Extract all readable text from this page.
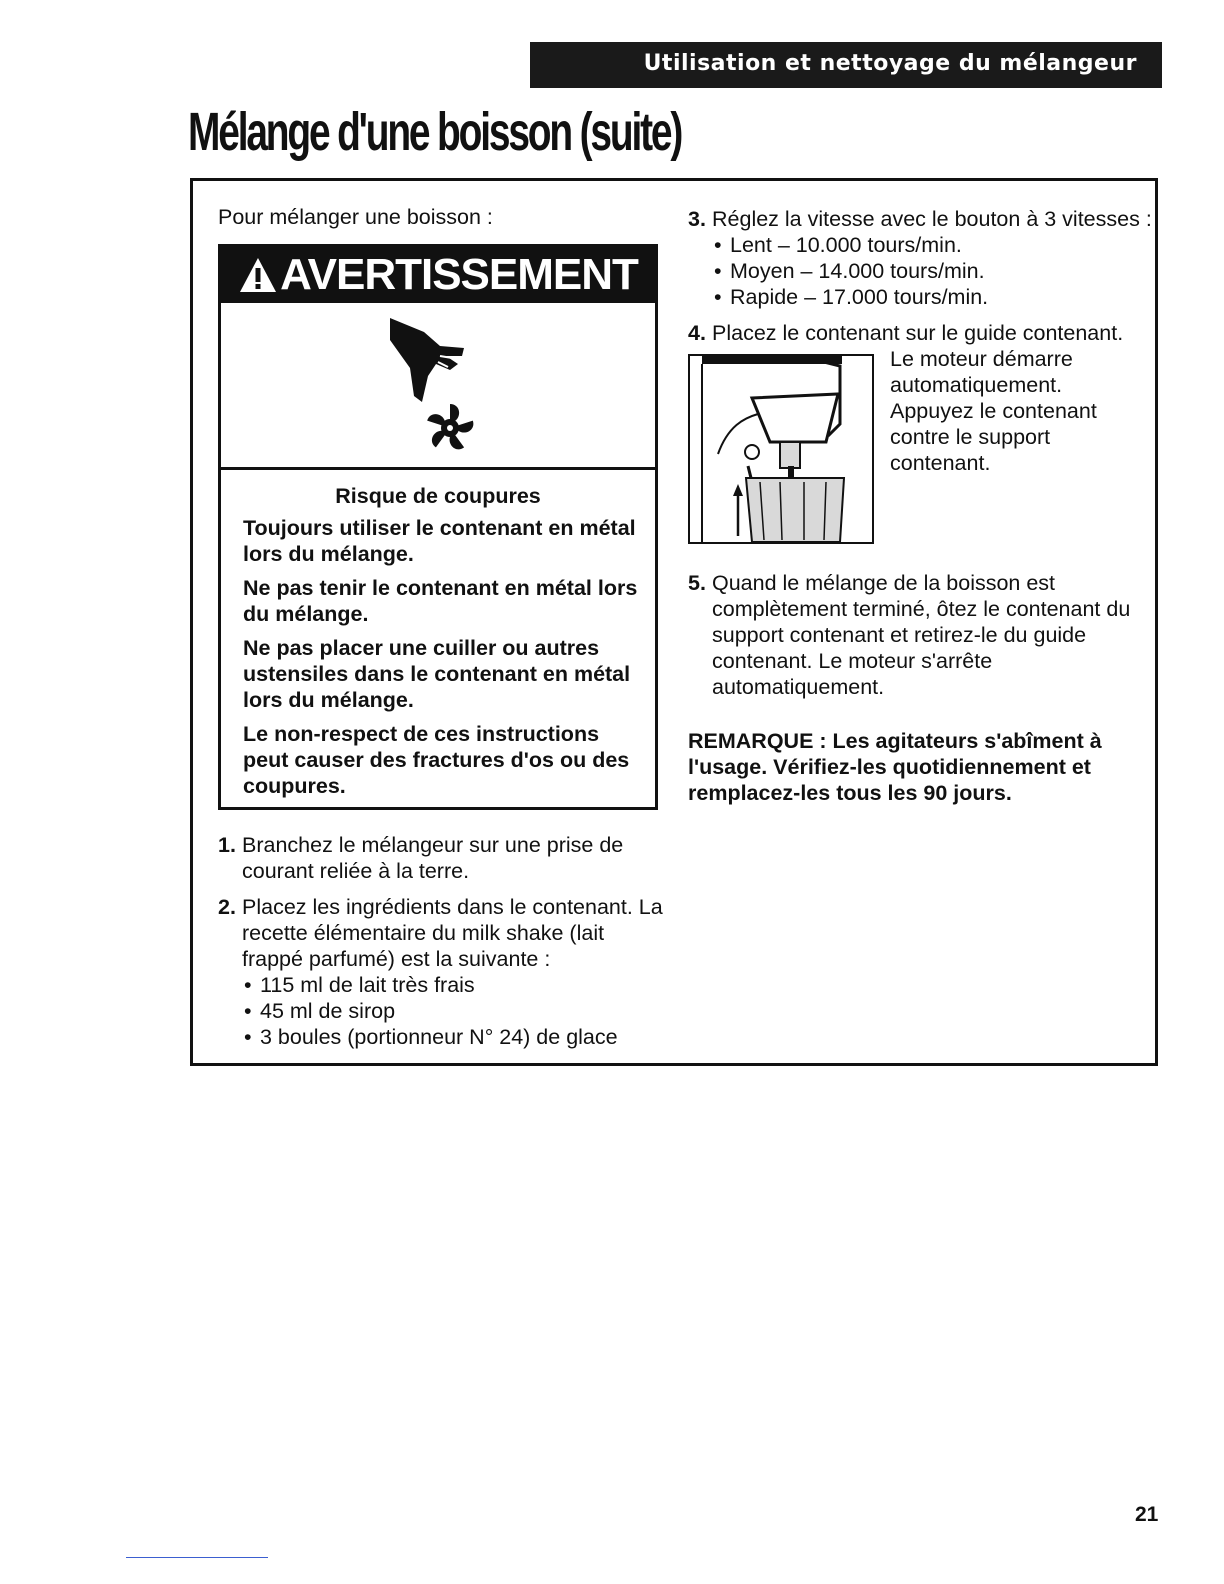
Utilisation et nettoyage du mélangeur
Mélange d'une boisson (suite)

Pour mélanger une boisson :

AVERTISSEMENT
Risque de coupures

Toujours utiliser le contenant en métal lors du mélange.

Ne pas tenir le contenant en métal lors du mélange.

Ne pas placer une cuiller ou autres ustensiles dans le contenant en métal lors du mélange.

Le non-respect de ces instructions peut causer des fractures d'os ou des coupures.

1. Branchez le mélangeur sur une prise de courant reliée à la terre.
2. Placez les ingrédients dans le contenant. La recette élémentaire du milk shake (lait frappé parfumé) est la suivante :
• 115 ml de lait très frais
• 45 ml de sirop
• 3 boules (portionneur N° 24) de glace
3. Réglez la vitesse avec le bouton à 3 vitesses :
• Lent – 10.000 tours/min.
• Moyen – 14.000 tours/min.
• Rapide – 17.000 tours/min.
4. Placez le contenant sur le guide contenant.
Le moteur démarre automatiquement. Appuyez le contenant contre le support contenant.
5. Quand le mélange de la boisson est complètement terminé, ôtez le contenant du support contenant et retirez-le du guide contenant. Le moteur s'arrête automatiquement.

REMARQUE : Les agitateurs s'abîment à l'usage. Vérifiez-les quotidiennement et remplacez-les tous les 90 jours.

21
